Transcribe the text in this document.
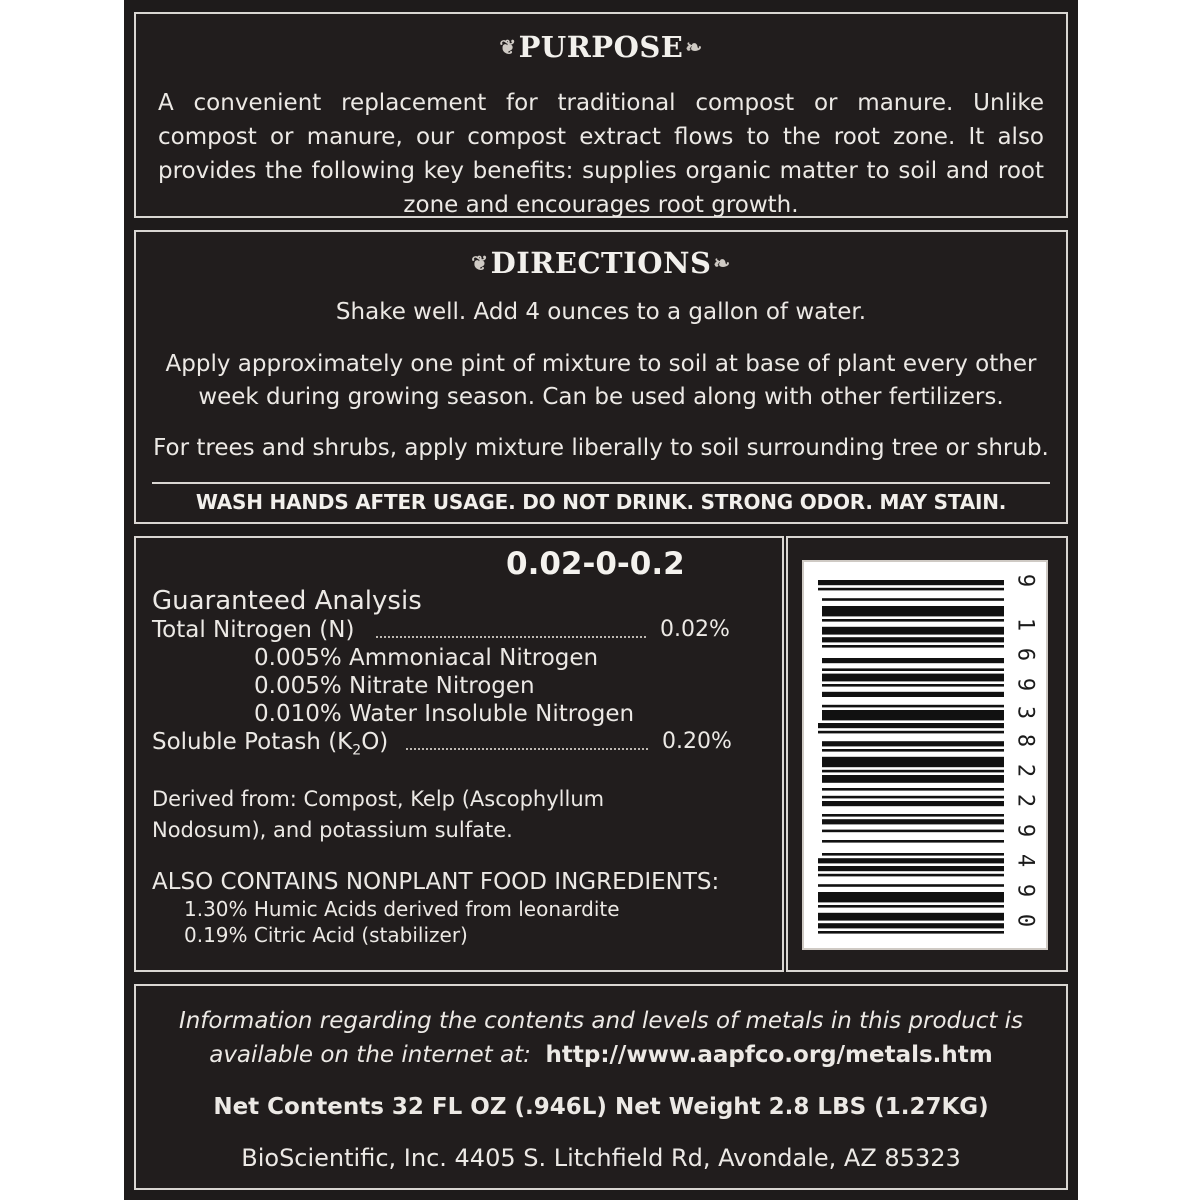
❦PURPOSE ❧
A convenient replacement for traditional compost or manure. Unlike compost or manure, our compost extract flows to the root zone. It also provides the following key benefits: supplies organic matter to soil and root zone and encourages root growth.
❦DIRECTIONS ❧
Shake well. Add 4 ounces to a gallon of water.
Apply approximately one pint of mixture to soil at base of plant every other
week during growing season. Can be used along with other fertilizers.
For trees and shrubs, apply mixture liberally to soil surrounding tree or shrub.
WASH HANDS AFTER USAGE. DO NOT DRINK. STRONG ODOR. MAY STAIN.
0.02-0-0.2
Guaranteed Analysis
Total Nitrogen (N)	0.02%
0.005% Ammoniacal Nitrogen
0.005% Nitrate Nitrogen
0.010% Water Insoluble Nitrogen
Soluble Potash $(K_2O)$	0.20%
Derived from: Compost, Kelp (Ascophyllum
Nodosum), and potassium sulfate.
ALSO CONTAINS NONPLANT FOOD INGREDIENTS:
1.30% Humic Acids derived from leonardite
0.19% Citric Acid (stabilizer)
9
1
6
9
3
8
2
2
9
4
9
0
Information regarding the contents and levels of metals in this product is
available on the internet at: http://www.aapfco.org/metals.htm
Net Contents 32 FL OZ (.946L) Net Weight 2.8 LBS (1.27KG)
BioScientific, Inc. 4405 S. Litchfield Rd, Avondale, AZ 85323
